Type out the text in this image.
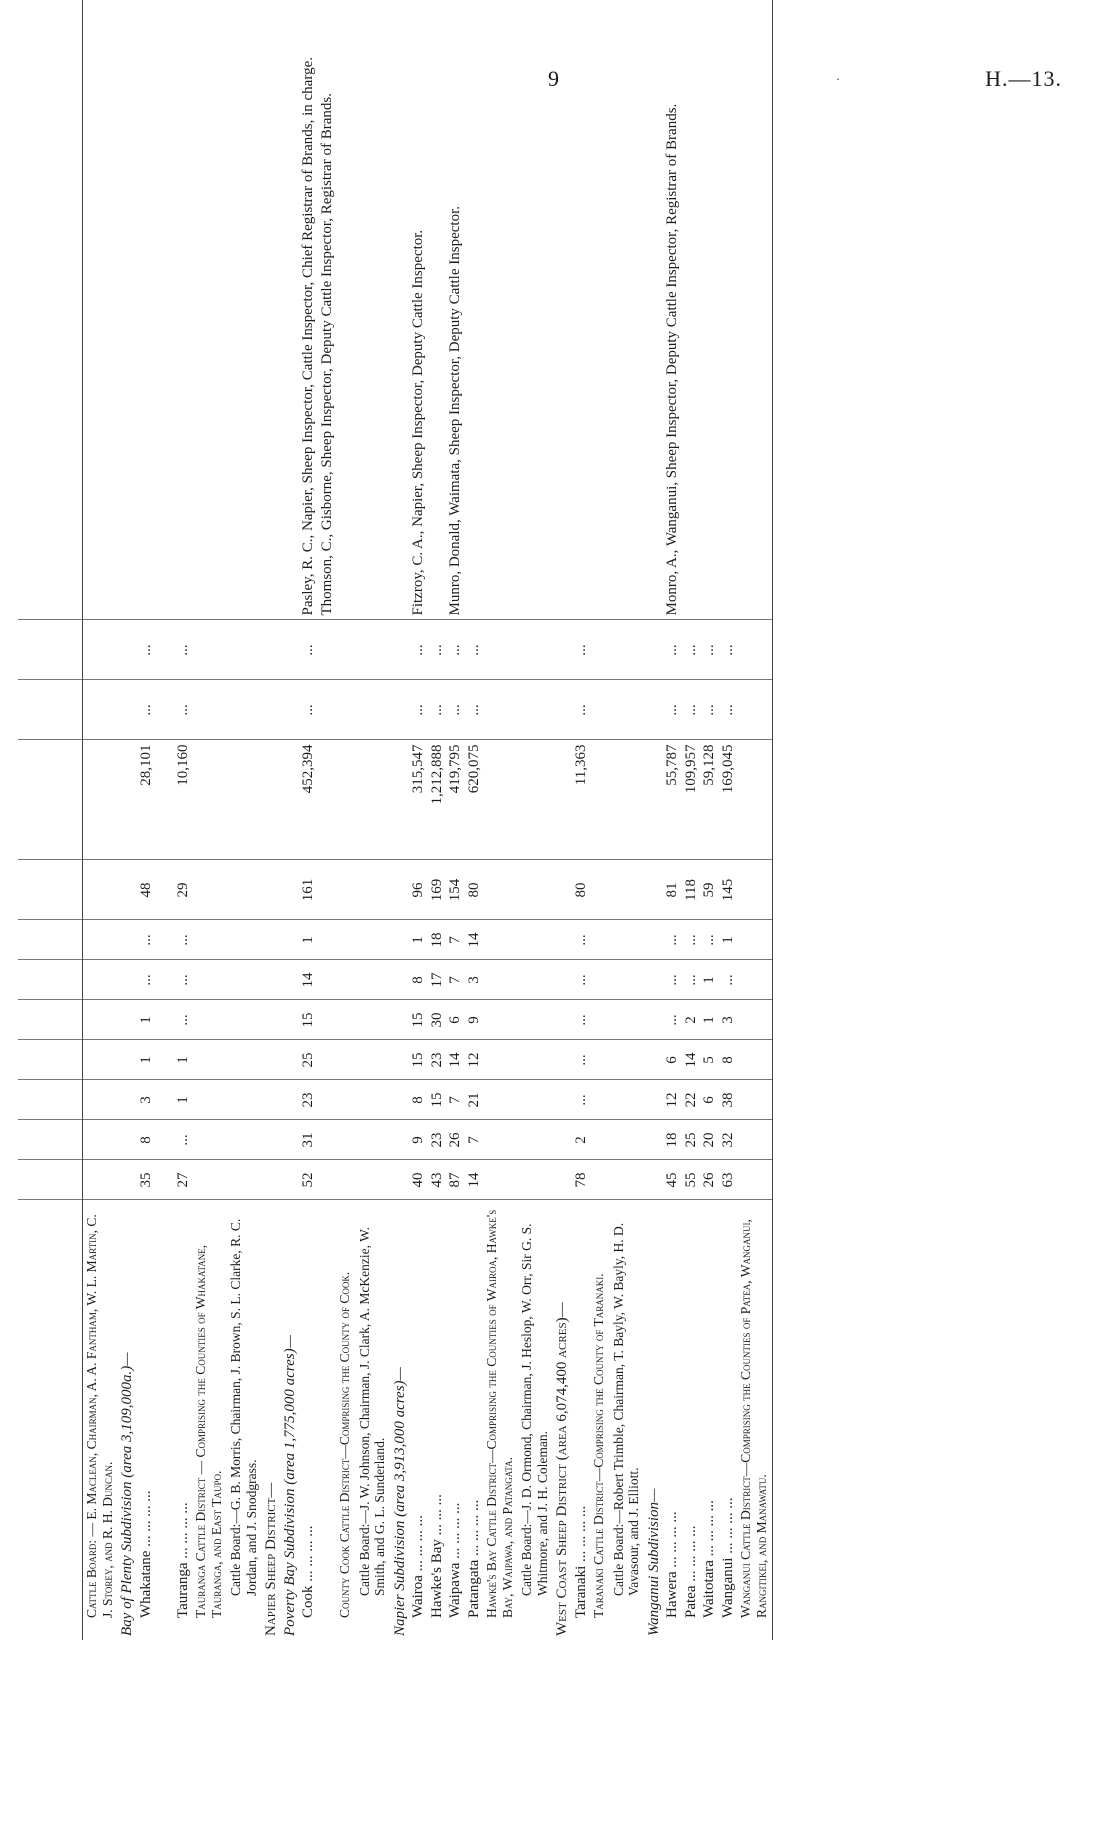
9	·	H.—13.

Cattle Board: — E. Maclean, Chairman, A. A. Fantham, W. L. Martin, C. J. Storey, and R. H. Duncan.												
Bay of Plenty Subdivision (area 3,109,000a.)—												
Whakatane ... ... ... ...	35	8	3	1	1	...	...	48	28,101	...	...	

Tauranga ... ... ... ...	27	...	1	1	...	...	...	29	10,160	...	...	
Tauranga Cattle District — Comprising the Counties of Whakatane, Tauranga, and East Taupo.												
Cattle Board:—G. B. Morris, Chairman, J. Brown, S. L. Clarke, R. C. Jordan, and J. Snodgrass.												
Napier Sheep District—												
Poverty Bay Subdivision (area 1,775,000 acres)—												
Cook ... ... ... ...	52	31	23	25	15	14	1	161	452,394	...	...	Pasley, R. C., Napier, Sheep Inspector, Cattle Inspector, Chief Registrar of Brands, in charge. Thomson, C., Gisborne, Sheep Inspector, Deputy Cattle Inspector, Registrar of Brands.
County Cook Cattle District—Comprising the County of Cook.												
Cattle Board:—J. W. Johnson, Chairman, J. Clark, A. McKenzie, W. Smith, and G. L. Sunderland.												
Napier Subdivision (area 3,913,000 acres)—												
Wairoa ... ... ... ...	40	9	8	15	15	8	1	96	315,547	...	...	Fitzroy, C. A., Napier, Sheep Inspector, Deputy Cattle Inspector.
Hawke's Bay ... ... ...	43	23	15	23	30	17	18	169	1,212,888	...	...	
Waipawa ... ... ... ...	87	26	7	14	6	7	7	154	419,795	...	...	Munro, Donald, Waimata, Sheep Inspector, Deputy Cattle Inspector.
Patangata ... ... ... ...	14	7	21	12	9	3	14	80	620,075	...	...	
Hawke's Bay Cattle District—Comprising the Counties of Wairoa, Hawke's Bay, Waipawa, and Patangata.												
Cattle Board:—J. D. Ormond, Chairman, J. Heslop, W. Orr, Sir G. S. Whitmore, and J. H. Coleman.												
West Coast Sheep District (area 6,074,400 acres)—												
Taranaki ... ... ... ...	78	2	...	...	...	...	...	80	11,363	...	...	
Taranaki Cattle District—Comprising the County of Taranaki.												
Cattle Board:—Robert Trimble, Chairman, T. Bayly, W. Bayly, H. D. Vavasour, and J. Elliott.												
Wanganui Subdivision—												
Hawera ... ... ... ...	45	18	12	6	...	...	...	81	55,787	...	...	Monro, A., Wanganui, Sheep Inspector, Deputy Cattle Inspector, Registrar of Brands.
Patea ... ... ... ...	55	25	22	14	2	...	...	118	109,957	...	...	
Waitotara ... ... ... ...	26	20	6	5	1	1	...	59	59,128	...	...	
Wanganui ... ... ... ...	63	32	38	8	3	...	1	145	169,045	...	...	
Wanganui Cattle District—Comprising the Counties of Patea, Wanganui, Rangitikei, and Manawatu.												
